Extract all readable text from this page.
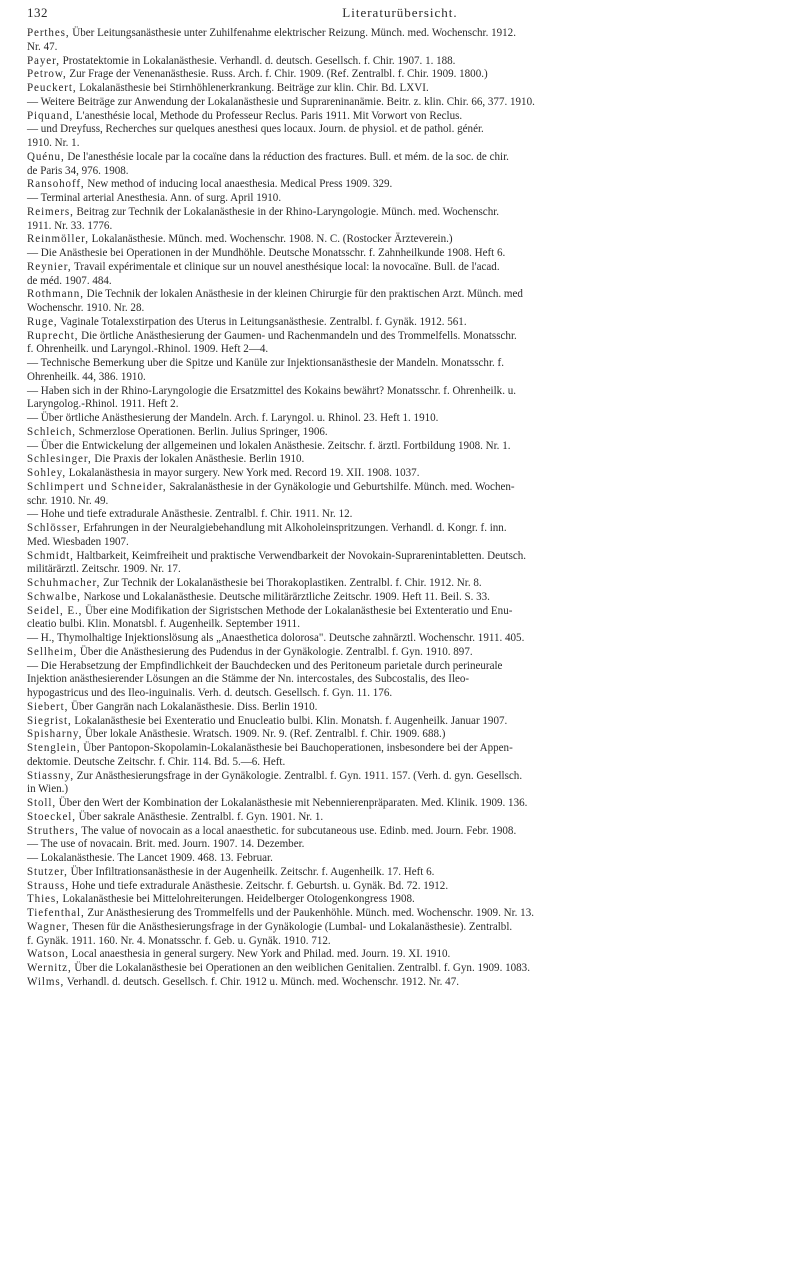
132	Literaturübersicht.
Perthes, Über Leitungsanästhesie unter Zuhilfenahme elektrischer Reizung. Münch. med. Wochenschr. 1912.
Nr. 47.
Payer, Prostatektomie in Lokalanästhesie. Verhandl. d. deutsch. Gesellsch. f. Chir. 1907. 1. 188.
Petrow, Zur Frage der Venenanästhesie. Russ. Arch. f. Chir. 1909. (Ref. Zentralbl. f. Chir. 1909. 1800.)
Peuckert, Lokalanästhesie bei Stirnhöhlenerkrankung. Beiträge zur klin. Chir. Bd. LXVI.
— Weitere Beiträge zur Anwendung der Lokalanästhesie und Suprareninanämie. Beitr. z. klin. Chir. 66, 377. 1910.
Piquand, L'anesthésie local, Methode du Professeur Reclus. Paris 1911. Mit Vorwort von Reclus.
— und Dreyfuss, Recherches sur quelques anesthesi ques locaux. Journ. de physiol. et de pathol. génér.
1910. Nr. 1.
Quénu, De l'anesthésie locale par la cocaïne dans la réduction des fractures. Bull. et mém. de la soc. de chir.
de Paris 34, 976. 1908.
Ransohoff, New method of inducing local anaesthesia. Medical Press 1909. 329.
— Terminal arterial Anesthesia. Ann. of surg. April 1910.
Reimers, Beitrag zur Technik der Lokalanästhesie in der Rhino-Laryngologie. Münch. med. Wochenschr.
1911. Nr. 33. 1776.
Reinmöller, Lokalanästhesie. Münch. med. Wochenschr. 1908. N. C. (Rostocker Ärzteverein.)
— Die Anästhesie bei Operationen in der Mundhöhle. Deutsche Monatsschr. f. Zahnheilkunde 1908. Heft 6.
Reynier, Travail expérimentale et clinique sur un nouvel anesthésique local: la novocaïne. Bull. de l'acad.
de méd. 1907. 484.
Rothmann, Die Technik der lokalen Anästhesie in der kleinen Chirurgie für den praktischen Arzt. Münch. med
Wochenschr. 1910. Nr. 28.
Ruge, Vaginale Totalexstirpation des Uterus in Leitungsanästhesie. Zentralbl. f. Gynäk. 1912. 561.
Ruprecht, Die örtliche Anästhesierung der Gaumen- und Rachenmandeln und des Trommelfells. Monatsschr.
f. Ohrenheilk. und Laryngol.-Rhinol. 1909. Heft 2—4.
— Technische Bemerkung uber die Spitze und Kanüle zur Injektionsanästhesie der Mandeln. Monatsschr. f.
Ohrenheilk. 44, 386. 1910.
— Haben sich in der Rhino-Laryngologie die Ersatzmittel des Kokains bewährt? Monatsschr. f. Ohrenheilk. u.
Laryngolog.-Rhinol. 1911. Heft 2.
— Über örtliche Anästhesierung der Mandeln. Arch. f. Laryngol. u. Rhinol. 23. Heft 1. 1910.
Schleich, Schmerzlose Operationen. Berlin. Julius Springer, 1906.
— Über die Entwickelung der allgemeinen und lokalen Anästhesie. Zeitschr. f. ärztl. Fortbildung 1908. Nr. 1.
Schlesinger, Die Praxis der lokalen Anästhesie. Berlin 1910.
Sohley, Lokalanästhesia in mayor surgery. New York med. Record 19. XII. 1908. 1037.
Schlimpert und Schneider, Sakralanästhesie in der Gynäkologie und Geburtshilfe. Münch. med. Wochen-
schr. 1910. Nr. 49.
— Hohe und tiefe extradurale Anästhesie. Zentralbl. f. Chir. 1911. Nr. 12.
Schlösser, Erfahrungen in der Neuralgiebehandlung mit Alkoholeinspritzungen. Verhandl. d. Kongr. f. inn.
Med. Wiesbaden 1907.
Schmidt, Haltbarkeit, Keimfreiheit und praktische Verwendbarkeit der Novokain-Suprarenintabletten. Deutsch.
militärärztl. Zeitschr. 1909. Nr. 17.
Schuhmacher, Zur Technik der Lokalanästhesie bei Thorakoplastiken. Zentralbl. f. Chir. 1912. Nr. 8.
Schwalbe, Narkose und Lokalanästhesie. Deutsche militärärztliche Zeitschr. 1909. Heft 11. Beil. S. 33.
Seidel, E., Über eine Modifikation der Sigristschen Methode der Lokalanästhesie bei Extenteratio und Enu-
cleatio bulbi. Klin. Monatsbl. f. Augenheilk. September 1911.
— H., Thymolhaltige Injektionslösung als „Anaesthetica dolorosa". Deutsche zahnärztl. Wochenschr. 1911. 405.
Sellheim, Über die Anästhesierung des Pudendus in der Gynäkologie. Zentralbl. f. Gyn. 1910. 897.
— Die Herabsetzung der Empfindlichkeit der Bauchdecken und des Peritoneum parietale durch perineurale
Injektion anästhesierender Lösungen an die Stämme der Nn. intercostales, des Subcostalis, des Ileo-
hypogastricus und des Ileo-inguinalis. Verh. d. deutsch. Gesellsch. f. Gyn. 11. 176.
Siebert, Über Gangrän nach Lokalanästhesie. Diss. Berlin 1910.
Siegrist, Lokalanästhesie bei Exenteratio und Enucleatio bulbi. Klin. Monatsh. f. Augenheilk. Januar 1907.
Spisharny, Über lokale Anästhesie. Wratsch. 1909. Nr. 9. (Ref. Zentralbl. f. Chir. 1909. 688.)
Stenglein, Über Pantopon-Skopolamin-Lokalanästhesie bei Bauchoperationen, insbesondere bei der Appen-
dektomie. Deutsche Zeitschr. f. Chir. 114. Bd. 5.—6. Heft.
Stiassny, Zur Anästhesierungsfrage in der Gynäkologie. Zentralbl. f. Gyn. 1911. 157. (Verh. d. gyn. Gesellsch.
in Wien.)
Stoll, Über den Wert der Kombination der Lokalanästhesie mit Nebennierenpräparaten. Med. Klinik. 1909. 136.
Stoeckel, Über sakrale Anästhesie. Zentralbl. f. Gyn. 1901. Nr. 1.
Struthers, The value of novocain as a local anaesthetic. for subcutaneous use. Edinb. med. Journ. Febr. 1908.
— The use of novacain. Brit. med. Journ. 1907. 14. Dezember.
— Lokalanästhesie. The Lancet 1909. 468. 13. Februar.
Stutzer, Über Infiltrationsanästhesie in der Augenheilk. Zeitschr. f. Augenheilk. 17. Heft 6.
Strauss, Hohe und tiefe extradurale Anästhesie. Zeitschr. f. Geburtsh. u. Gynäk. Bd. 72. 1912.
Thies, Lokalanästhesie bei Mittelohreiterungen. Heidelberger Otologenkongress 1908.
Tiefenthal, Zur Anästhesierung des Trommelfells und der Paukenhöhle. Münch. med. Wochenschr. 1909. Nr. 13.
Wagner, Thesen für die Anästhesierungsfrage in der Gynäkologie (Lumbal- und Lokalanästhesie). Zentralbl.
f. Gynäk. 1911. 160. Nr. 4. Monatsschr. f. Geb. u. Gynäk. 1910. 712.
Watson, Local anaesthesia in general surgery. New York and Philad. med. Journ. 19. XI. 1910.
Wernitz, Über die Lokalanästhesie bei Operationen an den weiblichen Genitalien. Zentralbl. f. Gyn. 1909. 1083.
Wilms, Verhandl. d. deutsch. Gesellsch. f. Chir. 1912 u. Münch. med. Wochenschr. 1912. Nr. 47.
